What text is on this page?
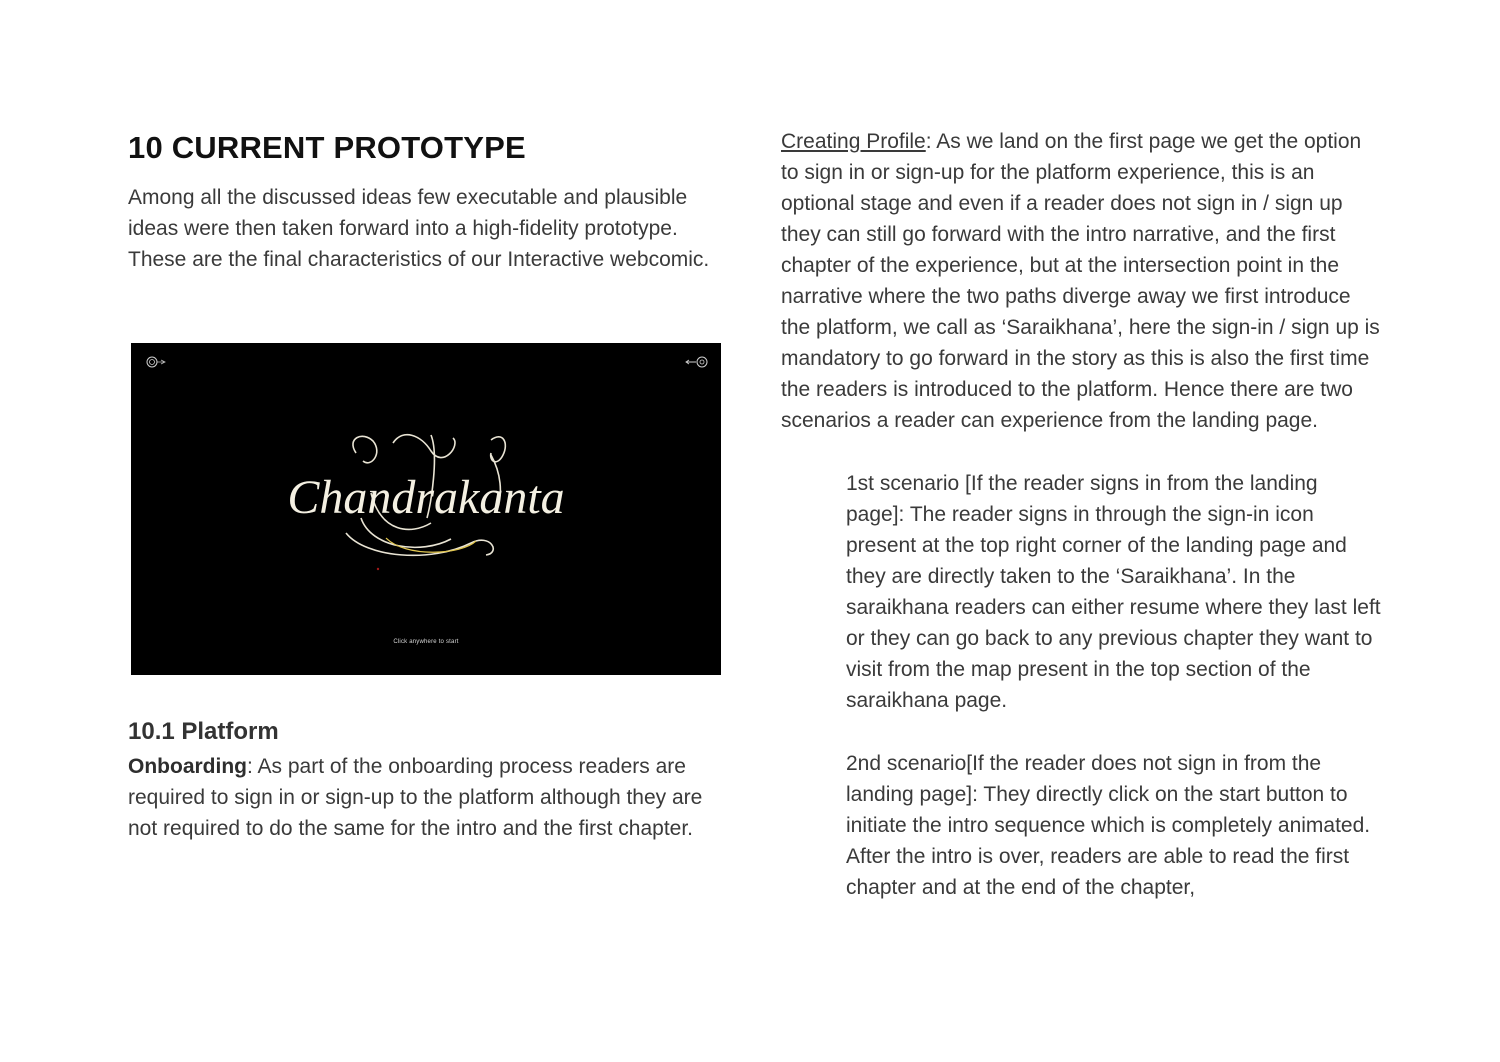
10 CURRENT PROTOTYPE

Among all the discussed ideas few executable and plausible ideas were then taken forward into a high-fidelity prototype. These are the final characteristics of our Interactive webcomic.

Chandrakanta
Click anywhere to start
10.1 Platform

Onboarding: As part of the onboarding process readers are required to sign in or sign-up to the platform although they are not required to do the same for the intro and the first chapter.

Creating Profile: As we land on the first page we get the option to sign in or sign-up for the platform experience, this is an optional stage and even if a reader does not sign in / sign up they can still go forward with the intro narrative, and the first chapter of the experience, but at the intersection point in the narrative where the two paths diverge away we first introduce the platform, we call as ‘Saraikhana’, here the sign-in / sign up is mandatory to go forward in the story as this is also the first time the readers is introduced to the platform. Hence there are two scenarios a reader can experience from the landing page.

1st scenario [If the reader signs in from the landing page]: The reader signs in through the sign-in icon present at the top right corner of the landing page and they are directly taken to the ‘Saraikhana’. In the saraikhana readers can either resume where they last left or they can go back to any previous chapter they want to visit from the map present in the top section of the saraikhana page.

2nd scenario[If the reader does not sign in from the landing page]: They directly click on the start button to initiate the intro sequence which is completely animated. After the intro is over, readers are able to read the first chapter and at the end of the chapter,
